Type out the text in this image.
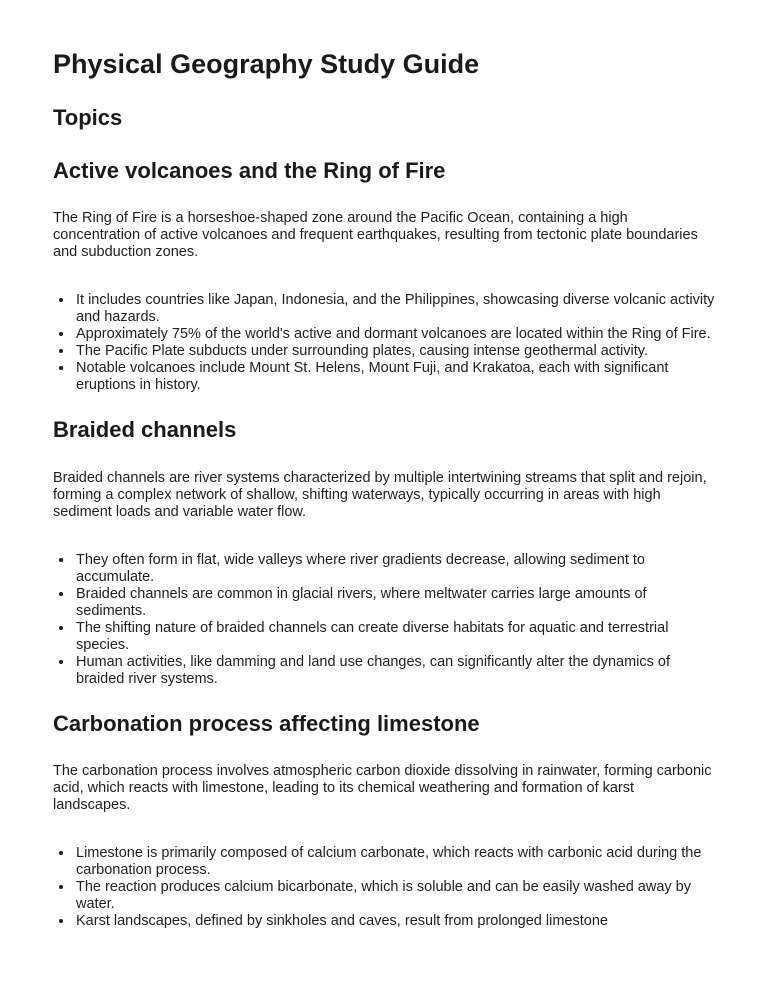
Physical Geography Study Guide
Topics
Active volcanoes and the Ring of Fire

The Ring of Fire is a horseshoe-shaped zone around the Pacific Ocean, containing a high concentration of active volcanoes and frequent earthquakes, resulting from tectonic plate boundaries and subduction zones.

• It includes countries like Japan, Indonesia, and the Philippines, showcasing diverse volcanic activity and hazards.
• Approximately 75% of the world's active and dormant volcanoes are located within the Ring of Fire.
• The Pacific Plate subducts under surrounding plates, causing intense geothermal activity.
• Notable volcanoes include Mount St. Helens, Mount Fuji, and Krakatoa, each with significant eruptions in history.
Braided channels

Braided channels are river systems characterized by multiple intertwining streams that split and rejoin, forming a complex network of shallow, shifting waterways, typically occurring in areas with high sediment loads and variable water flow.

• They often form in flat, wide valleys where river gradients decrease, allowing sediment to accumulate.
• Braided channels are common in glacial rivers, where meltwater carries large amounts of sediments.
• The shifting nature of braided channels can create diverse habitats for aquatic and terrestrial species.
• Human activities, like damming and land use changes, can significantly alter the dynamics of braided river systems.
Carbonation process affecting limestone

The carbonation process involves atmospheric carbon dioxide dissolving in rainwater, forming carbonic acid, which reacts with limestone, leading to its chemical weathering and formation of karst landscapes.

• Limestone is primarily composed of calcium carbonate, which reacts with carbonic acid during the carbonation process.
• The reaction produces calcium bicarbonate, which is soluble and can be easily washed away by water.
• Karst landscapes, defined by sinkholes and caves, result from prolonged limestone
